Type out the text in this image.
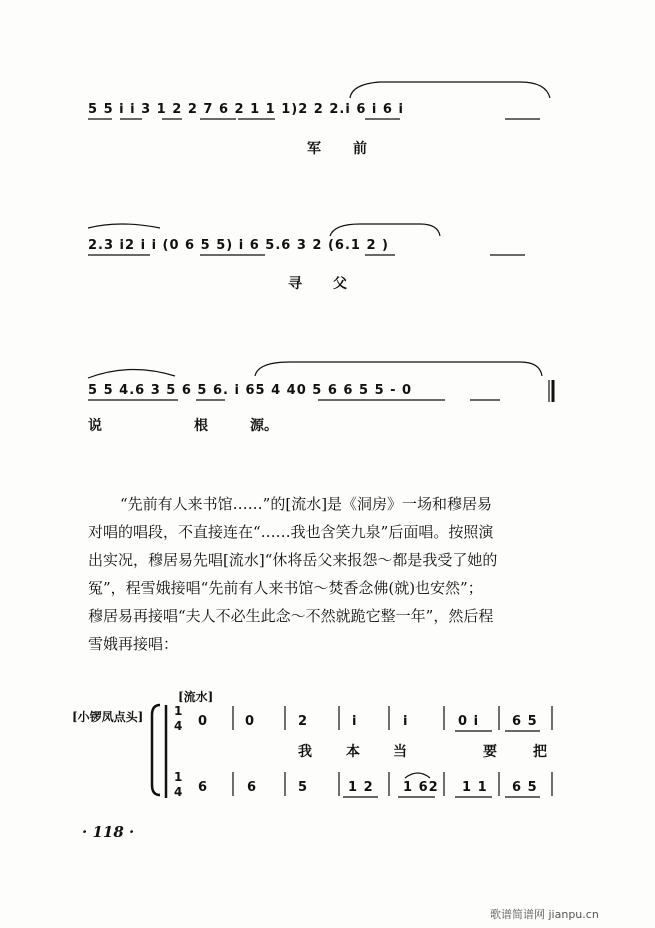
5 5 i i 3 1 2 2 7 6 2 1 1 1)2 2 2.i 6 i 6 i
军 前
2.3 i2 i i (0 6 5 5) i 6 5.6 3 2 (6.1 2 )
寻 父
5 5 4.6 3 5 6 5 6. i 65 4 40 5 6 6 5 5 - 0
说	根	源。
“先前有人来书馆……”的[流水]是《洞房》一场和穆居易
对唱的唱段，不直接连在“……我也含笑九泉”后面唱。按照演
出实况，穆居易先唱[流水]“休将岳父来报怨～都是我受了她的
冤”，程雪娥接唱“先前有人来书馆～焚香念佛(就)也安然”；
穆居易再接唱“夫人不必生此念～不然就跪它整一年”，然后程
雪娥再接唱：
[流水]
[小锣凤点头]	1
4
1
4
0	0	2	i	i	0 i	6 5
我 本 当	要	把
6	6	5	1 2 1 62 1 1 6 5
· 118 ·
歌谱简谱网 jianpu.cn
